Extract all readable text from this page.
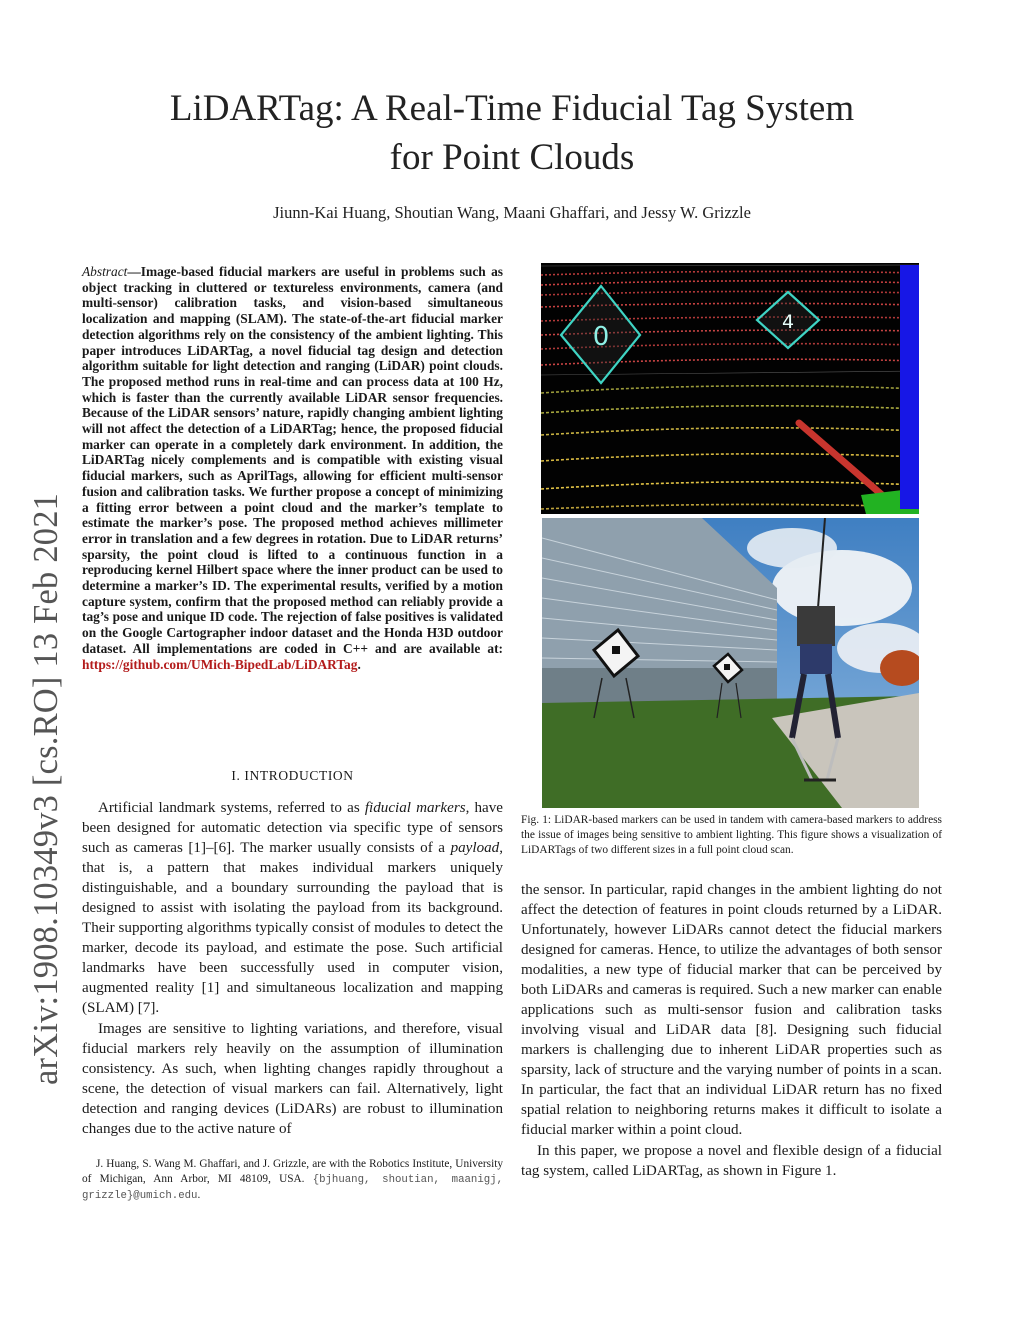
LiDARTag: A Real-Time Fiducial Tag System
for Point Clouds
Jiunn-Kai Huang, Shoutian Wang, Maani Ghaffari, and Jessy W. Grizzle
arXiv:1908.10349v3 [cs.RO] 13 Feb 2021
Abstract—Image-based fiducial markers are useful in problems such as object tracking in cluttered or textureless environments, camera (and multi-sensor) calibration tasks, and vision-based simultaneous localization and mapping (SLAM). The state-of-the-art fiducial marker detection algorithms rely on the consistency of the ambient lighting. This paper introduces LiDARTag, a novel fiducial tag design and detection algorithm suitable for light detection and ranging (LiDAR) point clouds. The proposed method runs in real-time and can process data at 100 Hz, which is faster than the currently available LiDAR sensor frequencies. Because of the LiDAR sensors’ nature, rapidly changing ambient lighting will not affect the detection of a LiDARTag; hence, the proposed fiducial marker can operate in a completely dark environment. In addition, the LiDARTag nicely complements and is compatible with existing visual fiducial markers, such as AprilTags, allowing for efficient multi-sensor fusion and calibration tasks. We further propose a concept of minimizing a fitting error between a point cloud and the marker’s template to estimate the marker’s pose. The proposed method achieves millimeter error in translation and a few degrees in rotation. Due to LiDAR returns’ sparsity, the point cloud is lifted to a continuous function in a reproducing kernel Hilbert space where the inner product can be used to determine a marker’s ID. The experimental results, verified by a motion capture system, confirm that the proposed method can reliably provide a tag’s pose and unique ID code. The rejection of false positives is validated on the Google Cartographer indoor dataset and the Honda H3D outdoor dataset. All implementations are coded in C++ and are available at: https://github.com/UMich-BipedLab/LiDARTag.
I. INTRODUCTION

Artificial landmark systems, referred to as fiducial markers, have been designed for automatic detection via specific type of sensors such as cameras [1]–[6]. The marker usually consists of a payload, that is, a pattern that makes individual markers uniquely distinguishable, and a boundary surrounding the payload that is designed to assist with isolating the payload from its background. Their supporting algorithms typically consist of modules to detect the marker, decode its payload, and estimate the pose. Such artificial landmarks have been successfully used in computer vision, augmented reality [1] and simultaneous localization and mapping (SLAM) [7].

Images are sensitive to lighting variations, and therefore, visual fiducial markers rely heavily on the assumption of illumination consistency. As such, when lighting changes rapidly throughout a scene, the detection of visual markers can fail. Alternatively, light detection and ranging devices (LiDARs) are robust to illumination changes due to the active nature of

J. Huang, S. Wang M. Ghaffari, and J. Grizzle, are with the Robotics Institute, University of Michigan, Ann Arbor, MI 48109, USA. {bjhuang, shoutian, maanigj, grizzle}@umich.edu.
0	4
Fig. 1: LiDAR-based markers can be used in tandem with camera-based markers to address the issue of images being sensitive to ambient lighting. This figure shows a visualization of LiDARTags of two different sizes in a full point cloud scan.

the sensor. In particular, rapid changes in the ambient lighting do not affect the detection of features in point clouds returned by a LiDAR. Unfortunately, however LiDARs cannot detect the fiducial markers designed for cameras. Hence, to utilize the advantages of both sensor modalities, a new type of fiducial marker that can be perceived by both LiDARs and cameras is required. Such a new marker can enable applications such as multi-sensor fusion and calibration tasks involving visual and LiDAR data [8]. Designing such fiducial markers is challenging due to inherent LiDAR properties such as sparsity, lack of structure and the varying number of points in a scan. In particular, the fact that an individual LiDAR return has no fixed spatial relation to neighboring returns makes it difficult to isolate a fiducial marker within a point cloud.

In this paper, we propose a novel and flexible design of a fiducial tag system, called LiDARTag, as shown in Figure 1.
